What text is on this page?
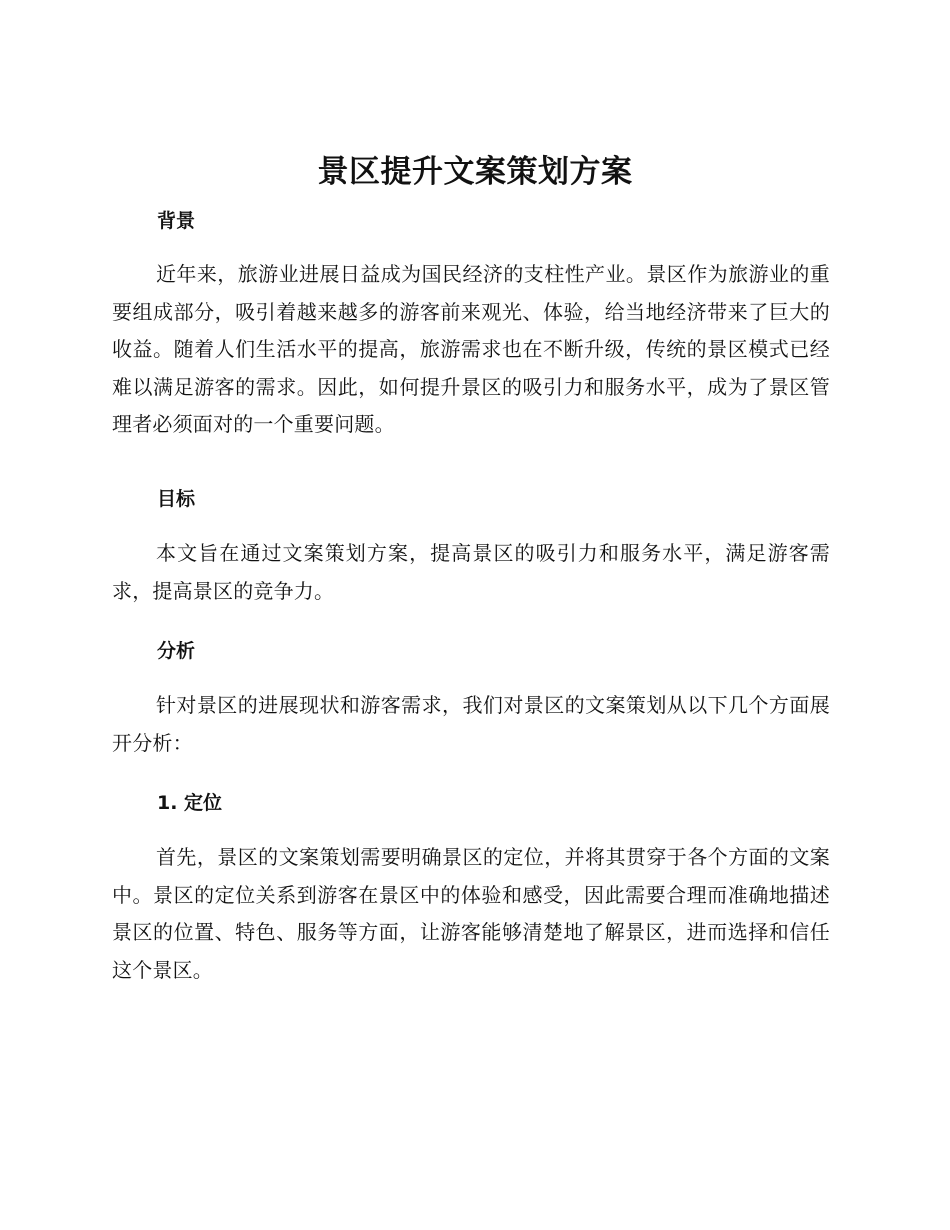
景区提升文案策划方案
背景

近年来，旅游业进展日益成为国民经济的支柱性产业。景区作为旅游业的重要组成部分，吸引着越来越多的游客前来观光、体验，给当地经济带来了巨大的收益。随着人们生活水平的提高，旅游需求也在不断升级，传统的景区模式已经难以满足游客的需求。因此，如何提升景区的吸引力和服务水平，成为了景区管理者必须面对的一个重要问题。

目标

本文旨在通过文案策划方案，提高景区的吸引力和服务水平，满足游客需求，提高景区的竞争力。

分析

针对景区的进展现状和游客需求，我们对景区的文案策划从以下几个方面展开分析：

1. 定位

首先，景区的文案策划需要明确景区的定位，并将其贯穿于各个方面的文案中。景区的定位关系到游客在景区中的体验和感受，因此需要合理而准确地描述景区的位置、特色、服务等方面，让游客能够清楚地了解景区，进而选择和信任这个景区。
